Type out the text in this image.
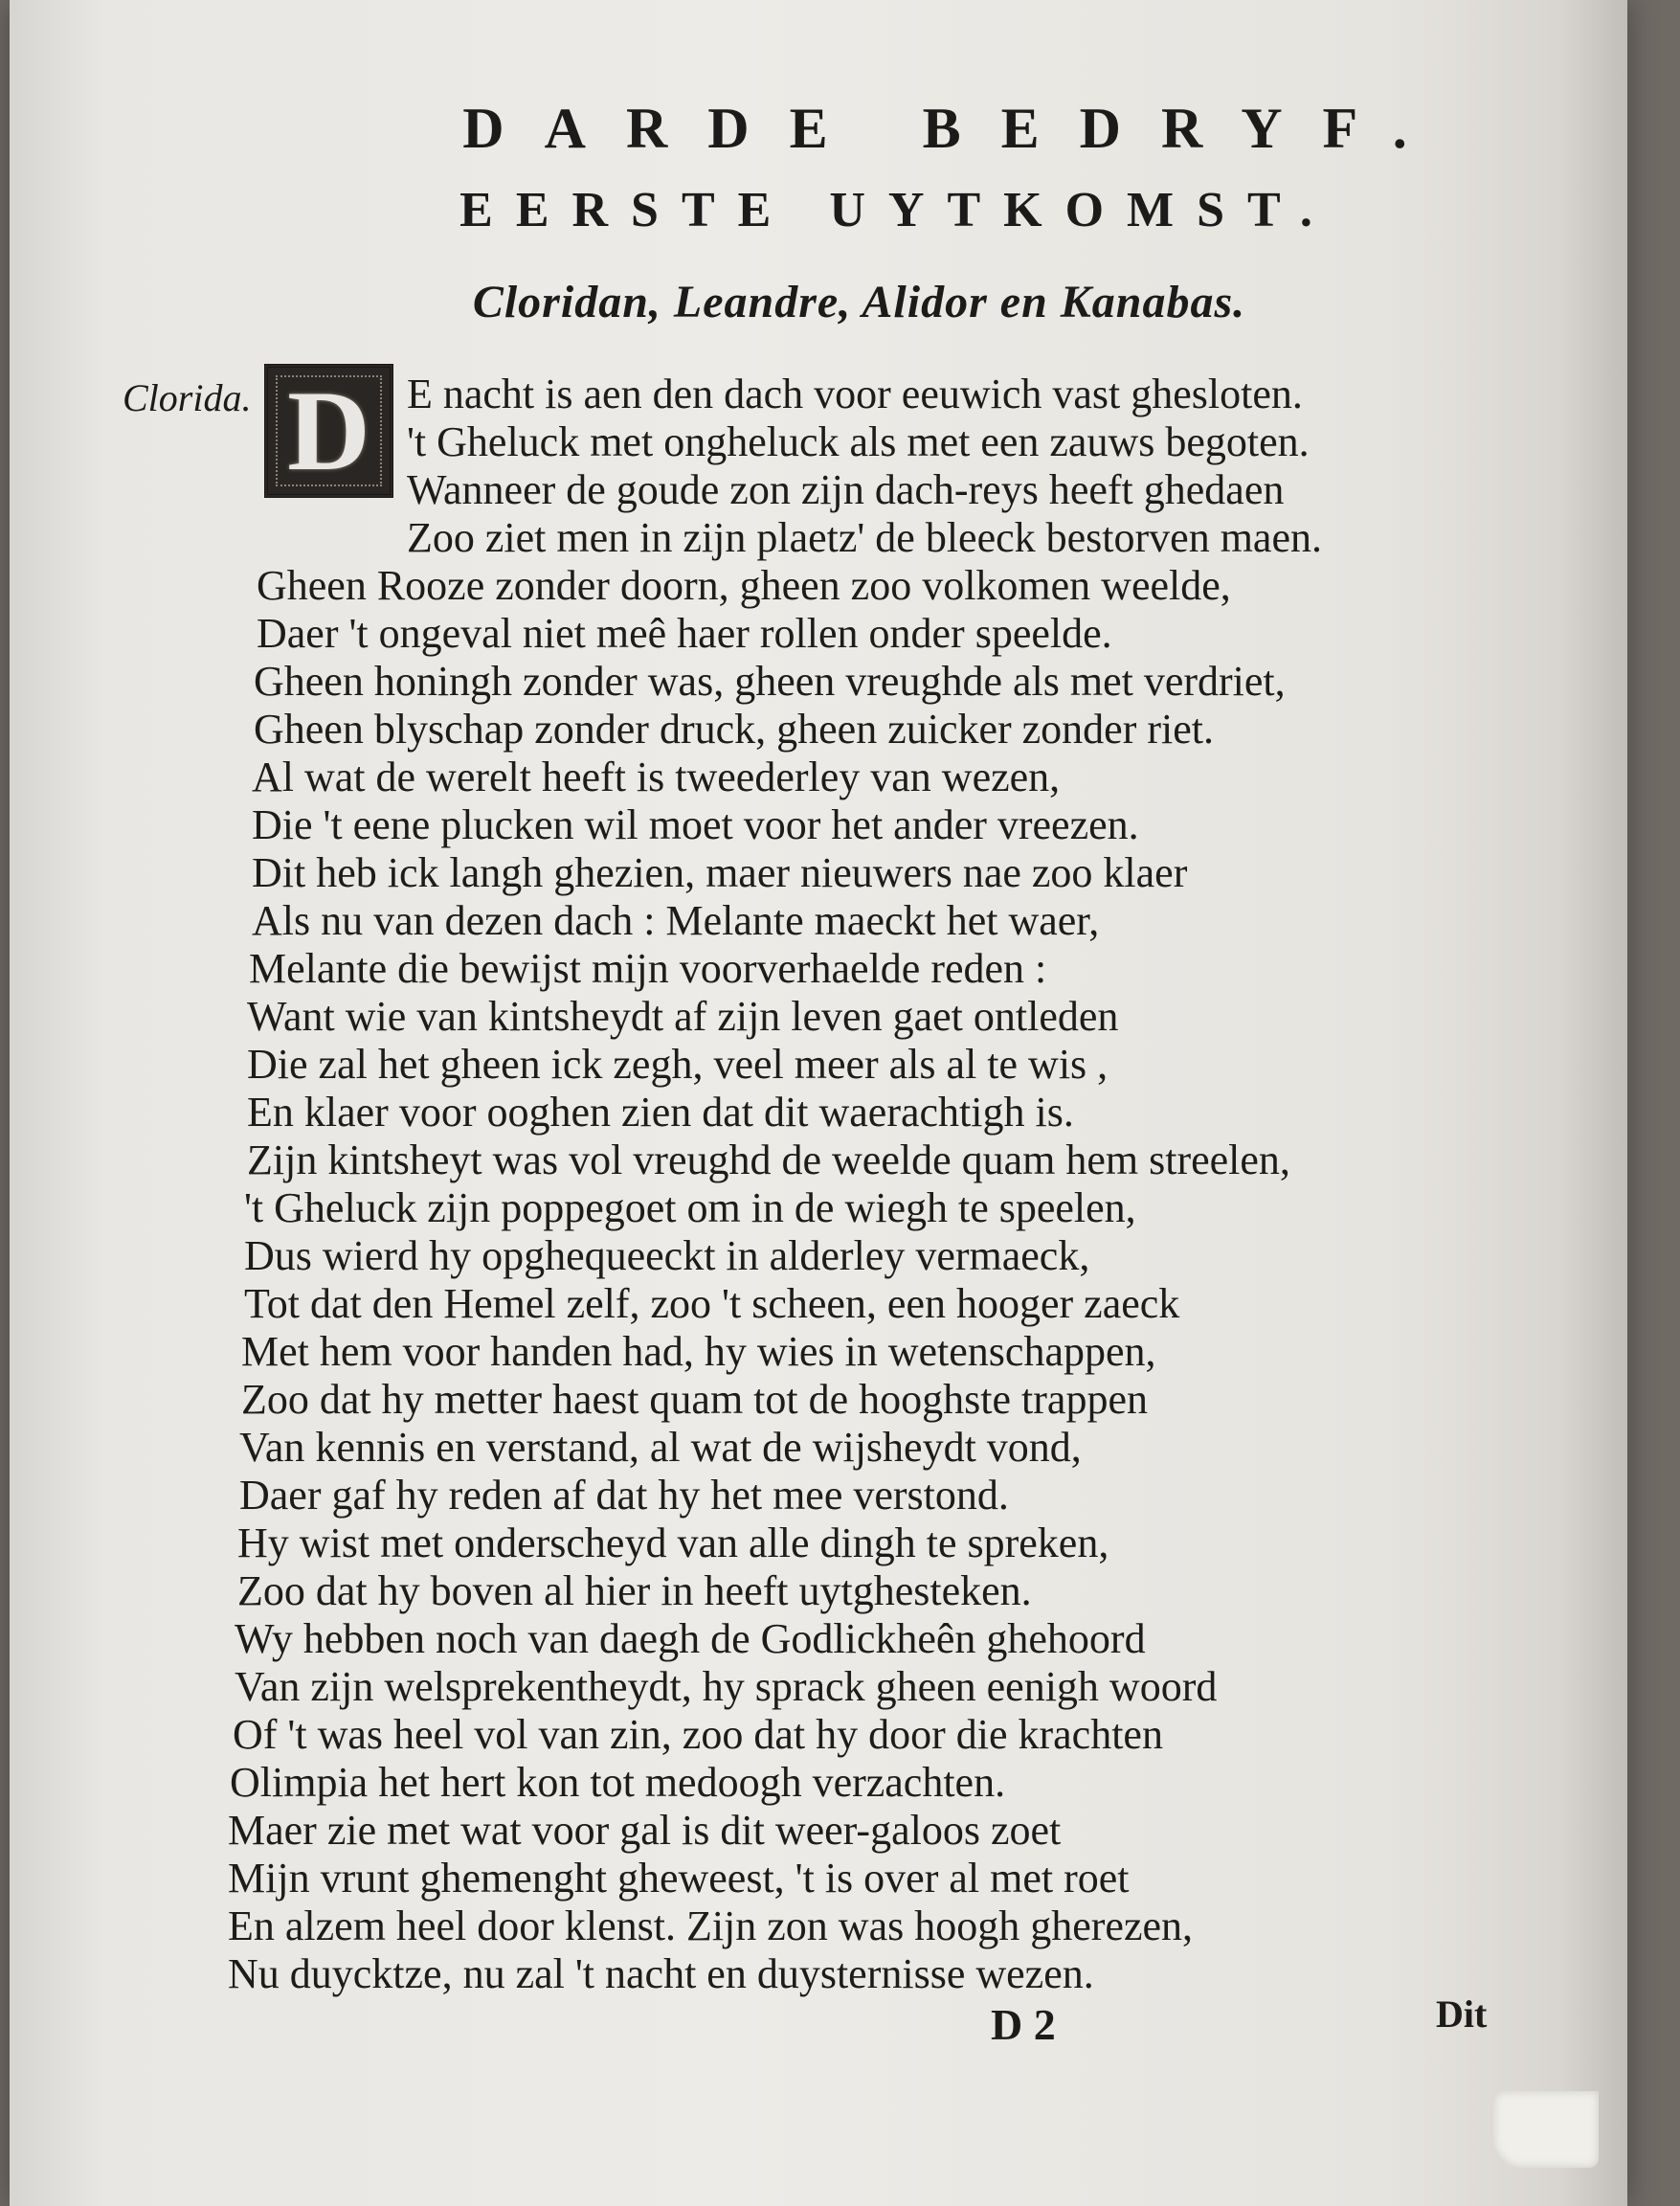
DARDE BEDRYF.
EERSTE UYTKOMST.
Cloridan, Leandre, Alidor en Kanabas.
Clorida. D E nacht is aen den dach voor eeuwich vast ghesloten.
't Gheluck met ongheluck als met een zauws begoten.
Wanneer de goude zon zijn dach-reys heeft ghedaen
Zoo ziet men in zijn plaetz' de bleeck bestorven maen.
Gheen Rooze zonder doorn, gheen zoo volkomen weelde,
Daer 't ongeval niet meê haer rollen onder speelde.
Gheen honingh zonder was, gheen vreughde als met verdriet,
Gheen blyschap zonder druck, gheen zuicker zonder riet.
Al wat de werelt heeft is tweederley van wezen,
Die 't eene plucken wil moet voor het ander vreezen.
Dit heb ick langh ghezien, maer nieuwers nae zoo klaer
Als nu van dezen dach : Melante maeckt het waer,
Melante die bewijst mijn voorverhaelde reden :
Want wie van kintsheydt af zijn leven gaet ontleden
Die zal het gheen ick zegh, veel meer als al te wis ,
En klaer voor ooghen zien dat dit waerachtigh is.
Zijn kintsheyt was vol vreughd de weelde quam hem streelen,
't Gheluck zijn poppegoet om in de wiegh te speelen,
Dus wierd hy opghequeeckt in alderley vermaeck,
Tot dat den Hemel zelf, zoo 't scheen, een hooger zaeck
Met hem voor handen had, hy wies in wetenschappen,
Zoo dat hy metter haest quam tot de hooghste trappen
Van kennis en verstand, al wat de wijsheydt vond,
Daer gaf hy reden af dat hy het mee verstond.
Hy wist met onderscheyd van alle dingh te spreken,
Zoo dat hy boven al hier in heeft uytghesteken.
Wy hebben noch van daegh de Godlickheên ghehoord
Van zijn welsprekentheydt, hy sprack gheen eenigh woord
Of 't was heel vol van zin, zoo dat hy door die krachten
Olimpia het hert kon tot medoogh verzachten.
Maer zie met wat voor gal is dit weer-galoos zoet
Mijn vrunt ghemenght gheweest, 't is over al met roet
En alzem heel door klenst. Zijn zon was hoogh gherezen,
Nu duycktze, nu zal 't nacht en duysternisse wezen.
D 2	Dit
